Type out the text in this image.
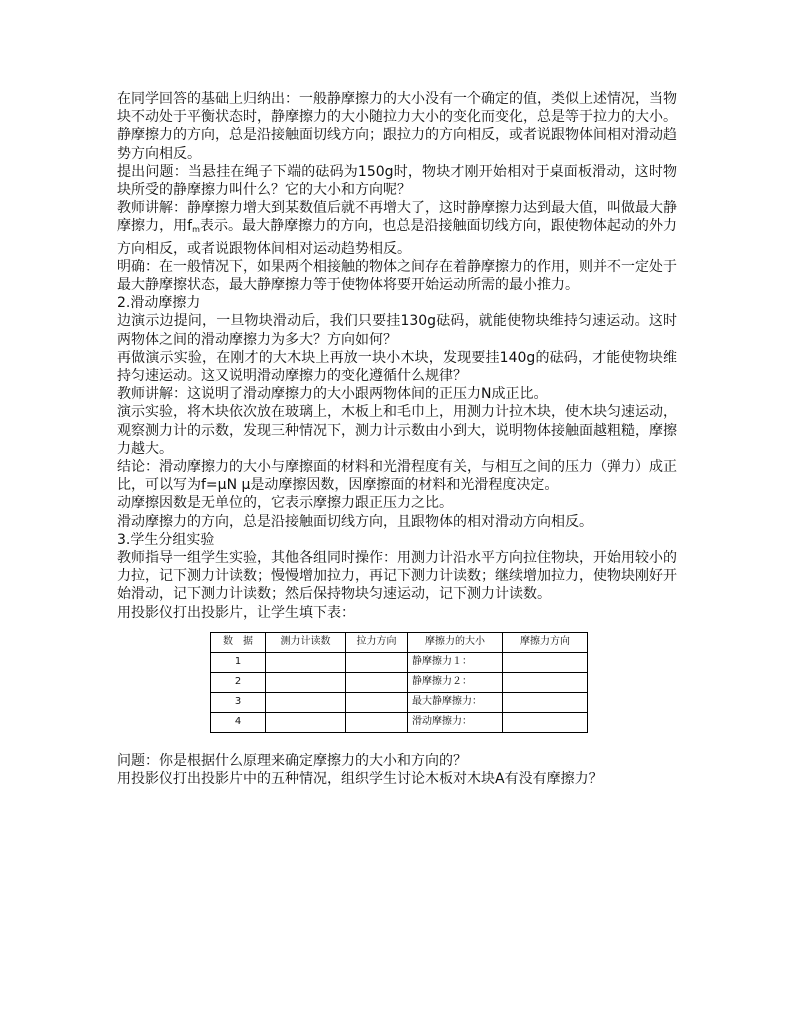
在同学回答的基础上归纳出：一般静摩擦力的大小没有一个确定的值，类似上述情况，当物块不动处于平衡状态时，静摩擦力的大小随拉力大小的变化而变化，总是等于拉力的大小。静摩擦力的方向，总是沿接触面切线方向；跟拉力的方向相反，或者说跟物体间相对滑动趋势方向相反。

提出问题：当悬挂在绳子下端的砝码为150g时，物块才刚开始相对于桌面板滑动，这时物块所受的静摩擦力叫什么？它的大小和方向呢？

教师讲解：静摩擦力增大到某数值后就不再增大了，这时静摩擦力达到最大值，叫做最大静摩擦力，用$f_m$表示。最大静摩擦力的方向，也总是沿接触面切线方向，跟使物体起动的外力方向相反，或者说跟物体间相对运动趋势相反。

明确：在一般情况下，如果两个相接触的物体之间存在着静摩擦力的作用，则并不一定处于最大静摩擦状态，最大静摩擦力等于使物体将要开始运动所需的最小推力。

2.滑动摩擦力

边演示边提问，一旦物块滑动后，我们只要挂130g砝码，就能使物块维持匀速运动。这时两物体之间的滑动摩擦力为多大？方向如何？

再做演示实验，在刚才的大木块上再放一块小木块，发现要挂140g的砝码，才能使物块维持匀速运动。这又说明滑动摩擦力的变化遵循什么规律？

教师讲解：这说明了滑动摩擦力的大小跟两物体间的正压力N成正比。

演示实验，将木块依次放在玻璃上，木板上和毛巾上，用测力计拉木块，使木块匀速运动，观察测力计的示数，发现三种情况下，测力计示数由小到大，说明物体接触面越粗糙，摩擦力越大。

结论：滑动摩擦力的大小与摩擦面的材料和光滑程度有关，与相互之间的压力（弹力）成正比，可以写为f=μN μ是动摩擦因数，因摩擦面的材料和光滑程度决定。

动摩擦因数是无单位的，它表示摩擦力跟正压力之比。

滑动摩擦力的方向，总是沿接触面切线方向，且跟物体的相对滑动方向相反。

3.学生分组实验

教师指导一组学生实验，其他各组同时操作：用测力计沿水平方向拉住物块，开始用较小的力拉，记下测力计读数；慢慢增加拉力，再记下测力计读数；继续增加拉力，使物块刚好开始滑动，记下测力计读数；然后保持物块匀速运动，记下测力计读数。

用投影仪打出投影片，让学生填下表：

数　据	测力计读数	拉力方向	摩擦力的大小	摩擦力方向
1			静摩擦力１：	
2			静摩擦力２：	
3			最大静摩擦力：	
4			滑动摩擦力：	

问题：你是根据什么原理来确定摩擦力的大小和方向的？

用投影仪打出投影片中的五种情况，组织学生讨论木板对木块A有没有摩擦力？
